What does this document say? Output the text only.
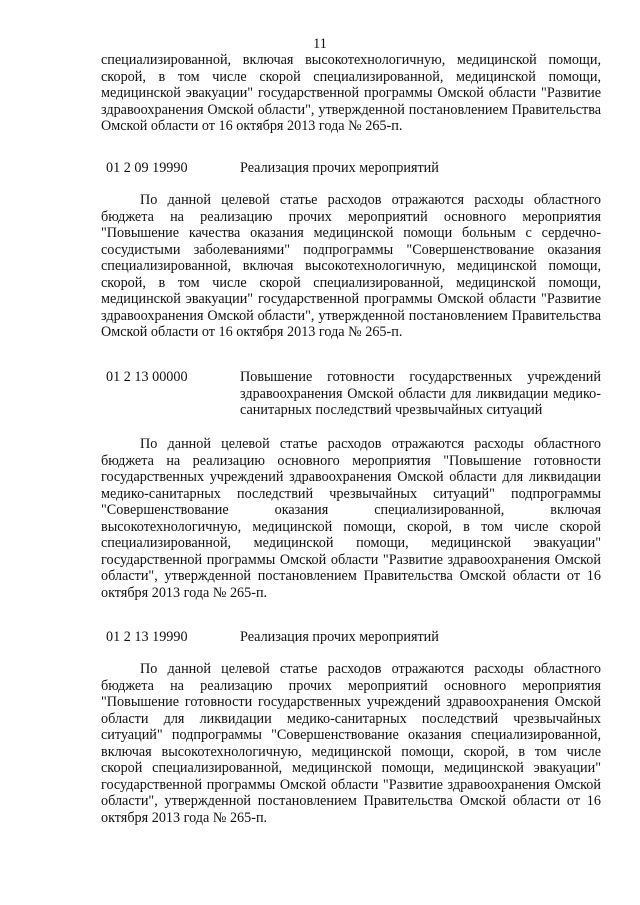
11
специализированной, включая высокотехнологичную, медицинской помощи, скорой, в том числе скорой специализированной, медицинской помощи, медицинской эвакуации" государственной программы Омской области "Развитие здравоохранения Омской области", утвержденной постановлением Правительства Омской области от 16 октября 2013 года № 265-п.
01 2 09 19990	Реализация прочих мероприятий
По данной целевой статье расходов отражаются расходы областного бюджета на реализацию прочих мероприятий основного мероприятия "Повышение качества оказания медицинской помощи больным с сердечно-сосудистыми заболеваниями" подпрограммы "Совершенствование оказания специализированной, включая высокотехнологичную, медицинской помощи, скорой, в том числе скорой специализированной, медицинской помощи, медицинской эвакуации" государственной программы Омской области "Развитие здравоохранения Омской области", утвержденной постановлением Правительства Омской области от 16 октября 2013 года № 265-п.
01 2 13 00000	Повышение готовности государственных учреждений здравоохранения Омской области для ликвидации медико-санитарных последствий чрезвычайных ситуаций
По данной целевой статье расходов отражаются расходы областного бюджета на реализацию основного мероприятия "Повышение готовности государственных учреждений здравоохранения Омской области для ликвидации медико-санитарных последствий чрезвычайных ситуаций" подпрограммы "Совершенствование оказания специализированной, включая высокотехнологичную, медицинской помощи, скорой, в том числе скорой специализированной, медицинской помощи, медицинской эвакуации" государственной программы Омской области "Развитие здравоохранения Омской области", утвержденной постановлением Правительства Омской области от 16 октября 2013 года № 265-п.
01 2 13 19990	Реализация прочих мероприятий
По данной целевой статье расходов отражаются расходы областного бюджета на реализацию прочих мероприятий основного мероприятия "Повышение готовности государственных учреждений здравоохранения Омской области для ликвидации медико-санитарных последствий чрезвычайных ситуаций" подпрограммы "Совершенствование оказания специализированной, включая высокотехнологичную, медицинской помощи, скорой, в том числе скорой специализированной, медицинской помощи, медицинской эвакуации" государственной программы Омской области "Развитие здравоохранения Омской области", утвержденной постановлением Правительства Омской области от 16 октября 2013 года № 265-п.
